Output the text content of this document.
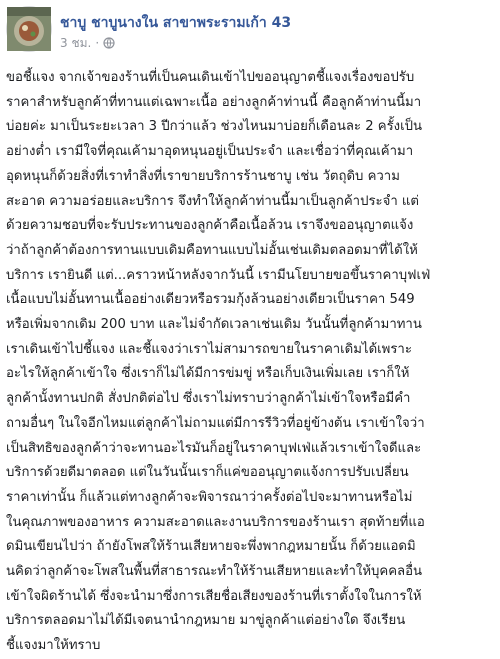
ชาบู ชาบูนางใน สาขาพระรามเก้า 43
3 ชม. ·
ขอชี้แจง จากเจ้าของร้านที่เป็นคนเดินเข้าไปขออนุญาตชี้แจงเรื่องขอปรับ
ราคาสำหรับลูกค้าที่ทานแต่เฉพาะเนื้อ อย่างลูกค้าท่านนี้ คือลูกค้าท่านนี้มา
บ่อยค่ะ มาเป็นระยะเวลา 3 ปีกว่าแล้ว ช่วงไหนมาบ่อยก็เดือนละ 2 ครั้งเป็น
อย่างต่ำ เรามีใจที่คุณเค้ามาอุดหนุนอยู่เป็นประจำ และเชื่อว่าที่คุณเค้ามา
อุดหนุนก็ด้วยสิ่งที่เราทำสิ่งที่เราขายบริการร้านชาบู เช่น วัตถุดิบ ความ
สะอาด ความอร่อยและบริการ จึงทำให้ลูกค้าท่านนี้มาเป็นลูกค้าประจำ แต่
ด้วยความชอบที่จะรับประทานของลูกค้าคือเนื้อล้วน เราจึงขออนุญาตแจ้ง
ว่าถ้าลูกค้าต้องการทานแบบเดิมคือทานแบบไม่อั้นเช่นเดิมตลอดมาที่ได้ให้
บริการ เรายินดี แต่...คราวหน้าหลังจากวันนี้ เรามีนโยบายขอขึ้นราคาบุฟเฟ่
เนื้อแบบไม่อั้นทานเนื้ออย่างเดียวหรือรวมกุ้งล้วนอย่างเดียวเป็นราคา 549
หรือเพิ่มจากเดิม 200 บาท และไม่จำกัดเวลาเช่นเดิม วันนั้นที่ลูกค้ามาทาน
เราเดินเข้าไปชี้แจง และชี้แจงว่าเราไม่สามารถขายในราคาเดิมได้เพราะ
อะไรให้ลูกค้าเข้าใจ ซึ่งเราก็ไม่ได้มีการข่มขู่ หรือเก็บเงินเพิ่มเลย เราก็ให้
ลูกค้านั้งทานปกติ สั่งปกติต่อไป ซึ่งเราไม่ทราบว่าลูกค้าไม่เข้าใจหรือมีคำ
ถามอื่นๆ ในใจอีกไหมแต่ลูกค้าไม่ถามแต่มีการรีวิวที่อยู่ข้างต้น เราเข้าใจว่า
เป็นสิทธิของลูกค้าว่าจะทานอะไรมันก็อยู่ในราคาบุฟเฟ่แล้วเราเข้าใจดีและ
บริการด้วยดีมาตลอด แต่ในวันนั้นเราก็แค่ขออนุญาตแจ้งการปรับเปลี่ยน
ราคาเท่านั้น ก็แล้วแต่ทางลูกค้าจะพิจารณาว่าครั้งต่อไปจะมาทานหรือไม่
ในคุณภาพของอาหาร ความสะอาดและงานบริการของร้านเรา สุดท้ายที่แอ
ดมินเขียนไปว่า ถ้ายังโพสให้ร้านเสียหายจะพึ่งพากฎหมายนั้น ก็ด้วยแอดมิ
นคิดว่าลูกค้าจะโพสในพื้นที่สาธารณะทำให้ร้านเสียหายและทำให้บุคคลอื่น
เข้าใจผิดร้านได้ ซึ่งจะนำมาซึ่งการเสียชื่อเสียงของร้านที่เราตั้งใจในการให้
บริการตลอดมาไม่ได้มีเจตนานำกฎหมาย มาขู่ลูกค้าแต่อย่างใด จึงเรียน
ชี้แจงมาให้ทราบ
